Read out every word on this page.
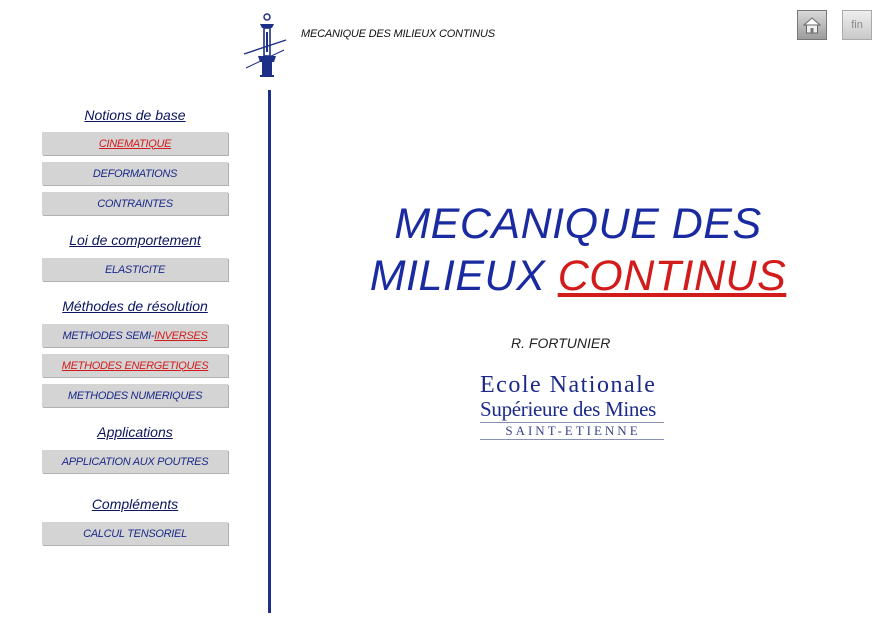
MECANIQUE DES MILIEUX CONTINUS
fin
Notions de base
CINEMATIQUE
DEFORMATIONS
CONTRAINTES
Loi de comportement
ELASTICITE
Méthodes de résolution
METHODES SEMI- INVERSES
METHODES ENERGETIQUES
METHODES NUMERIQUES
Applications
APPLICATION AUX POUTRES
Compléments
CALCUL TENSORIEL
MECANIQUE DES
MILIEUX CONTINUS
R. FORTUNIER
Ecole Nationale
Supérieure des Mines
SAINT-ETIENNE
